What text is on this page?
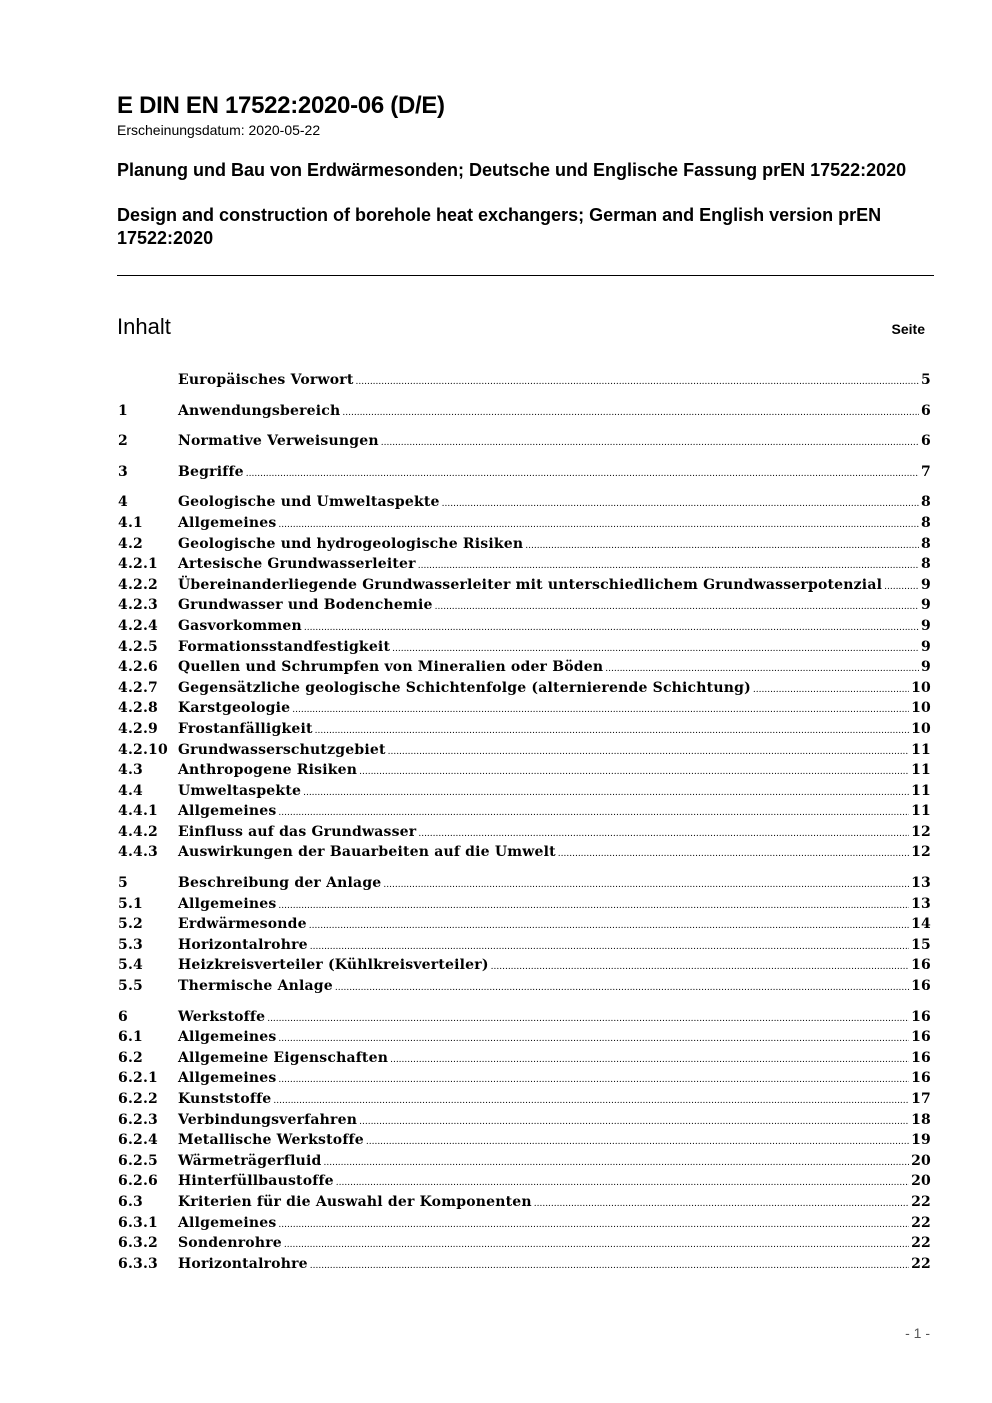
E DIN EN 17522:2020-06 (D/E)
Erscheinungsdatum: 2020-05-22
Planung und Bau von Erdwärmesonden; Deutsche und Englische Fassung prEN 17522:2020
Design and construction of borehole heat exchangers; German and English version prEN 17522:2020
Inhalt	Seite
Europäisches Vorwort .....	5
1	Anwendungsbereich .....	6
2	Normative Verweisungen .....	6
3	Begriffe .....	7
4	Geologische und Umweltaspekte .....	8
4.1	Allgemeines .....	8
4.2	Geologische und hydrogeologische Risiken .....	8
4.2.1	Artesische Grundwasserleiter .....	8
4.2.2	Übereinanderliegende Grundwasserleiter mit unterschiedlichem Grundwasserpotenzial .....	9
4.2.3	Grundwasser und Bodenchemie .....	9
4.2.4	Gasvorkommen .....	9
4.2.5	Formationsstandfestigkeit .....	9
4.2.6	Quellen und Schrumpfen von Mineralien oder Böden .....	9
4.2.7	Gegensätzliche geologische Schichtenfolge (alternierende Schichtung) .....	10
4.2.8	Karstgeologie .....	10
4.2.9	Frostanfälligkeit .....	10
4.2.10 Grundwasserschutzgebiet .....	11
4.3	Anthropogene Risiken .....	11
4.4	Umweltaspekte .....	11
4.4.1	Allgemeines .....	11
4.4.2	Einfluss auf das Grundwasser .....	12
4.4.3	Auswirkungen der Bauarbeiten auf die Umwelt .....	12
5	Beschreibung der Anlage .....	13
5.1	Allgemeines .....	13
5.2	Erdwärmesonde .....	14
5.3	Horizontalrohre .....	15
5.4	Heizkreisverteiler (Kühlkreisverteiler) .....	16
5.5	Thermische Anlage .....	16
6	Werkstoffe .....	16
6.1	Allgemeines .....	16
6.2	Allgemeine Eigenschaften .....	16
6.2.1	Allgemeines .....	16
6.2.2	Kunststoffe .....	17
6.2.3	Verbindungsverfahren .....	18
6.2.4	Metallische Werkstoffe .....	19
6.2.5	Wärmeträgerfluid .....	20
6.2.6	Hinterfüllbaustoffe .....	20
6.3	Kriterien für die Auswahl der Komponenten .....	22
6.3.1	Allgemeines .....	22
6.3.2	Sondenrohre .....	22
6.3.3	Horizontalrohre .....	22
- 1 -
